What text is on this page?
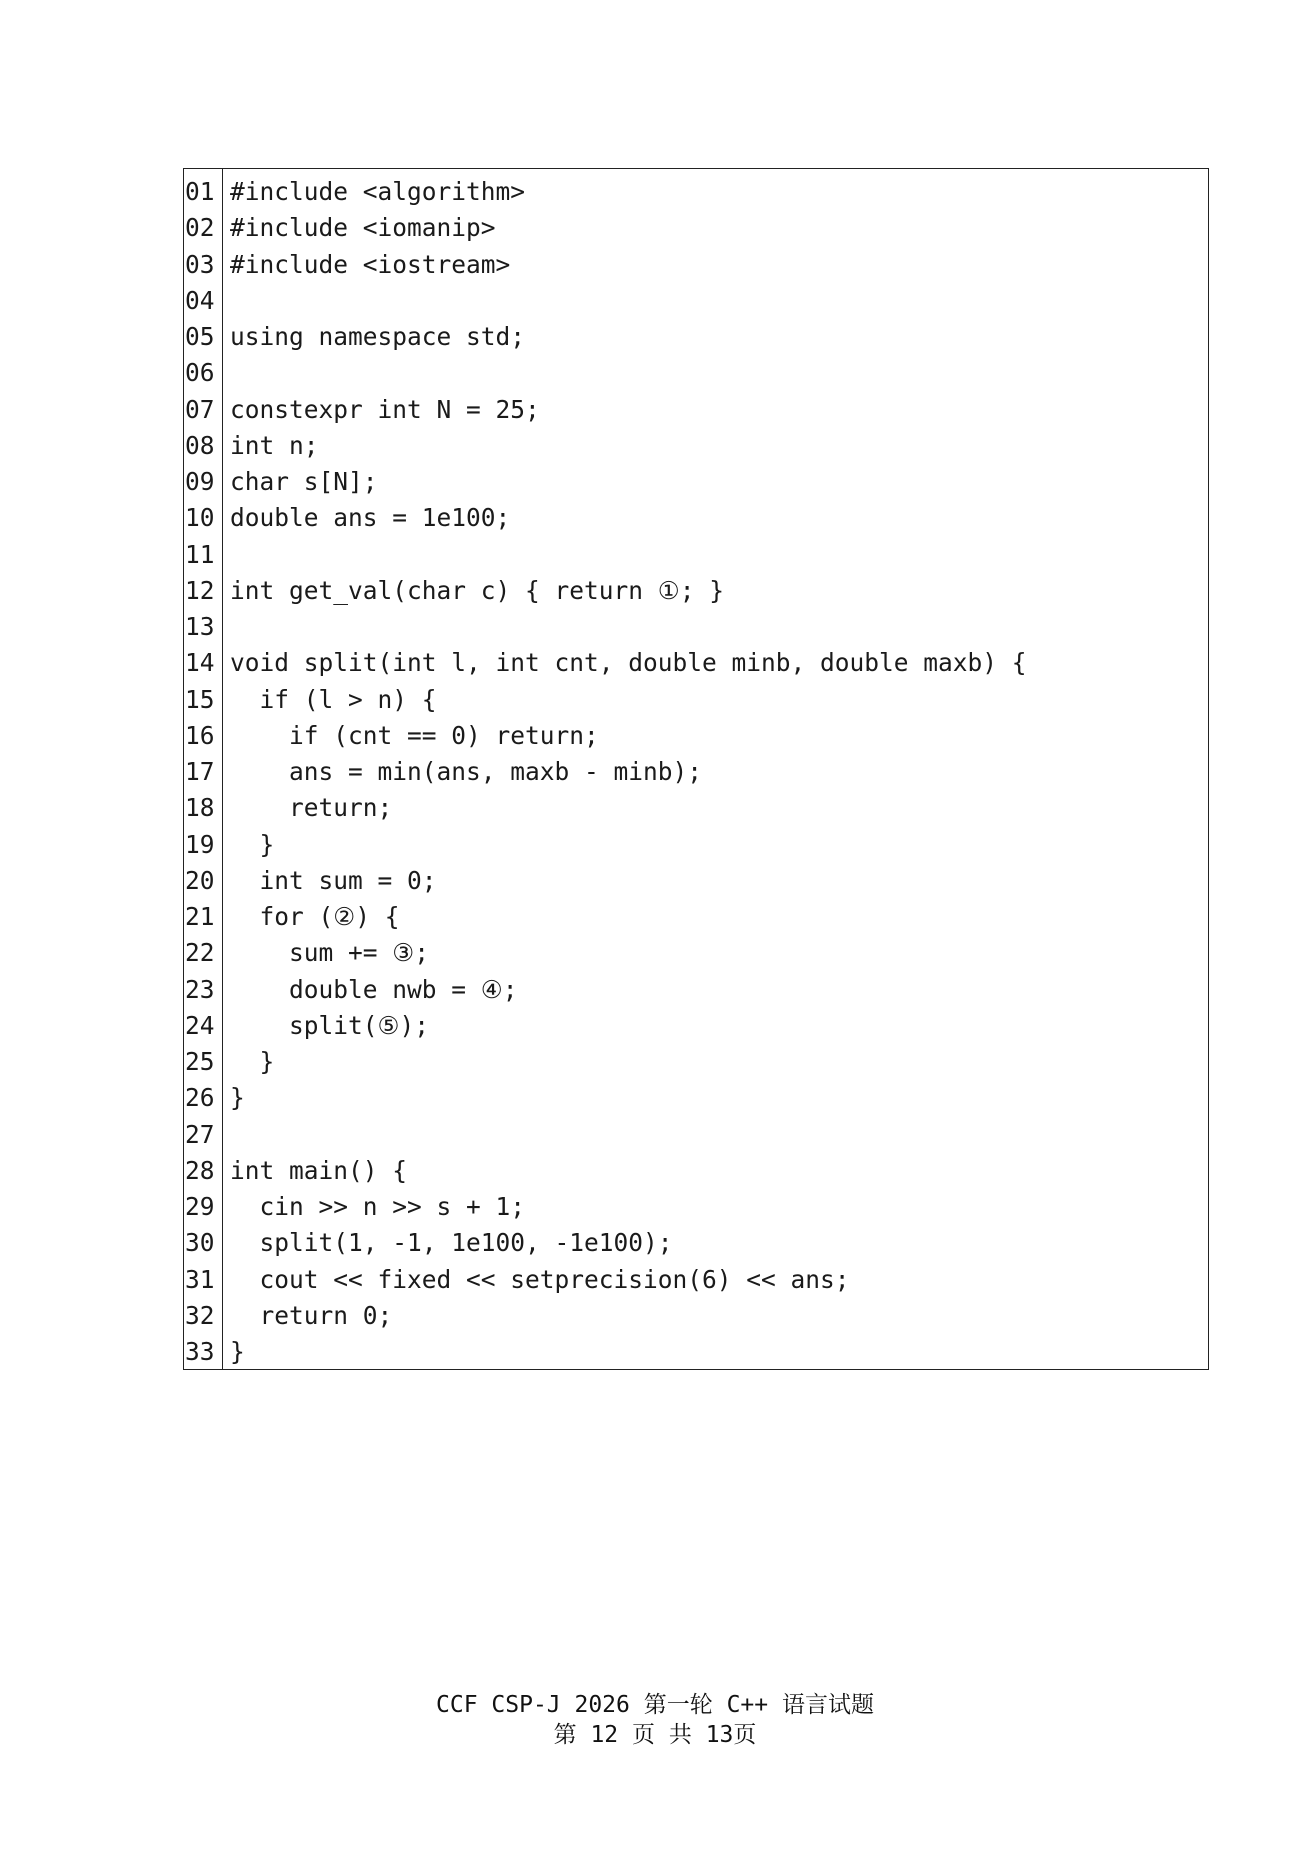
01 #include <algorithm>
02 #include <iomanip>
03 #include <iostream>
04
05 using namespace std;
06
07 constexpr int N = 25;
08 int n;
09 char s[N];
10 double ans = 1e100;
11
12 int get_val(char c) { return ①; }
13
14 void split(int l, int cnt, double minb, double maxb) {
15 if (l > n) {
16 if (cnt == 0) return;
17 ans = min(ans, maxb - minb);
18 return;
19 }
20 int sum = 0;
21 for (②) {
22 sum += ③;
23 double nwb = ④;
24 split(⑤);
25 }
26 }
27
28 int main() {
29 cin >> n >> s + 1;
30 split(1, -1, 1e100, -1e100);
31 cout << fixed << setprecision(6) << ans;
32 return 0;
33 }
CCF CSP-J 2026 第一轮 C++ 语言试题
第 12 页 共 13页
